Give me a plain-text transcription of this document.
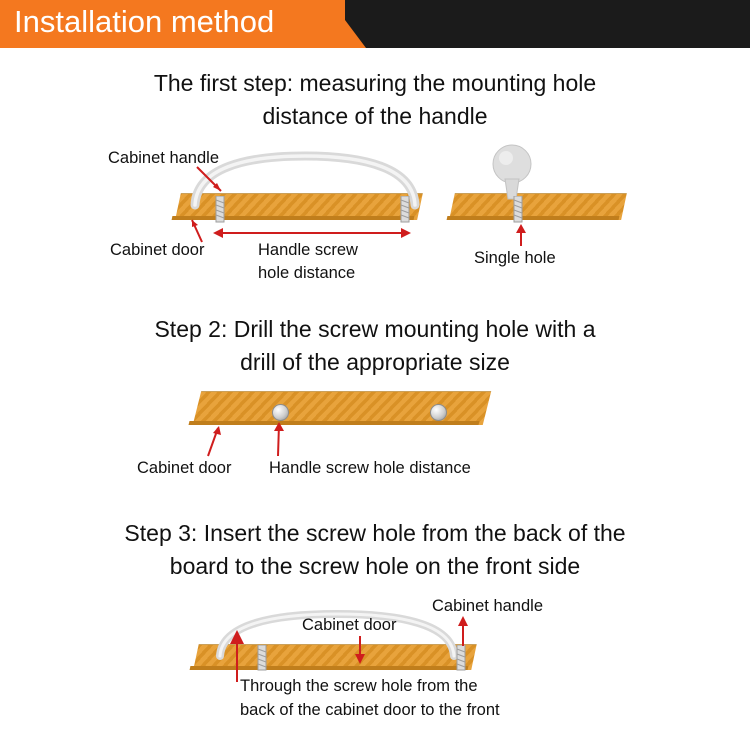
Installation method
The first step: measuring the mounting hole
distance of the handle
Cabinet handle
Cabinet door	Handle screw
hole distance
Single hole
Step 2: Drill the screw mounting hole with a
drill of the appropriate size
Cabinet door Handle screw hole distance
Step 3: Insert the screw hole from the back of the
board to the screw hole on the front side
Cabinet handle
Cabinet door
Through the screw hole from the
back of the cabinet door to the front
